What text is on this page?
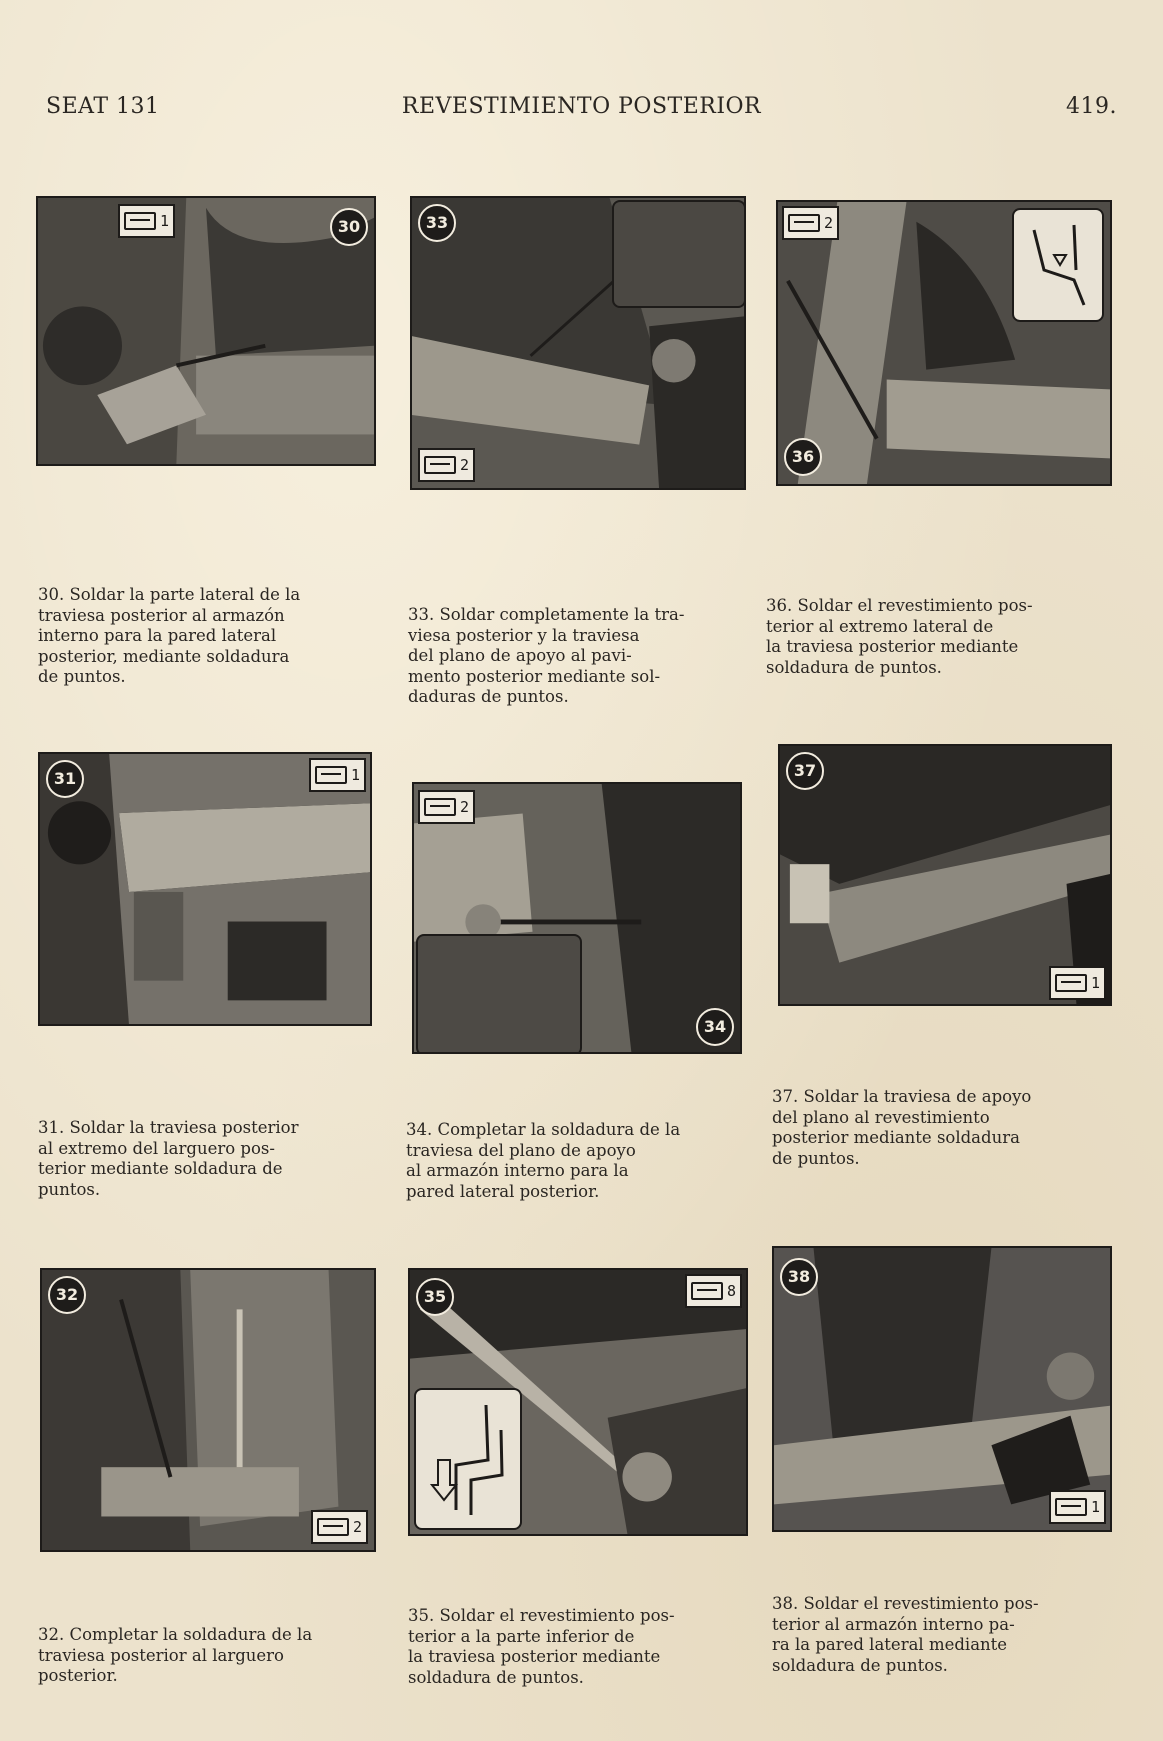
SEAT 131	REVESTIMIENTO POSTERIOR	419.
30
1	33
2	36
2
30. Soldar la parte lateral de la
traviesa posterior al armazón
interno para la pared lateral
posterior, mediante soldadura
de puntos.
33. Soldar completamente la tra-
viesa posterior y la traviesa
del plano de apoyo al pavi-
mento posterior mediante sol-
daduras de puntos.
36. Soldar el revestimiento pos-
terior al extremo lateral de
la traviesa posterior mediante
soldadura de puntos.
31	1
34
2
37
1
31. Soldar la traviesa posterior
al extremo del larguero pos-
terior mediante soldadura de
puntos.
34. Completar la soldadura de la
traviesa del plano de apoyo
al armazón interno para la
pared lateral posterior.
37. Soldar la traviesa de apoyo
del plano al revestimiento
posterior mediante soldadura
de puntos.
32
2
35	8
38
1
32. Completar la soldadura de la
traviesa posterior al larguero
posterior.
35. Soldar el revestimiento pos-
terior a la parte inferior de
la traviesa posterior mediante
soldadura de puntos.
38. Soldar el revestimiento pos-
terior al armazón interno pa-
ra la pared lateral mediante
soldadura de puntos.
